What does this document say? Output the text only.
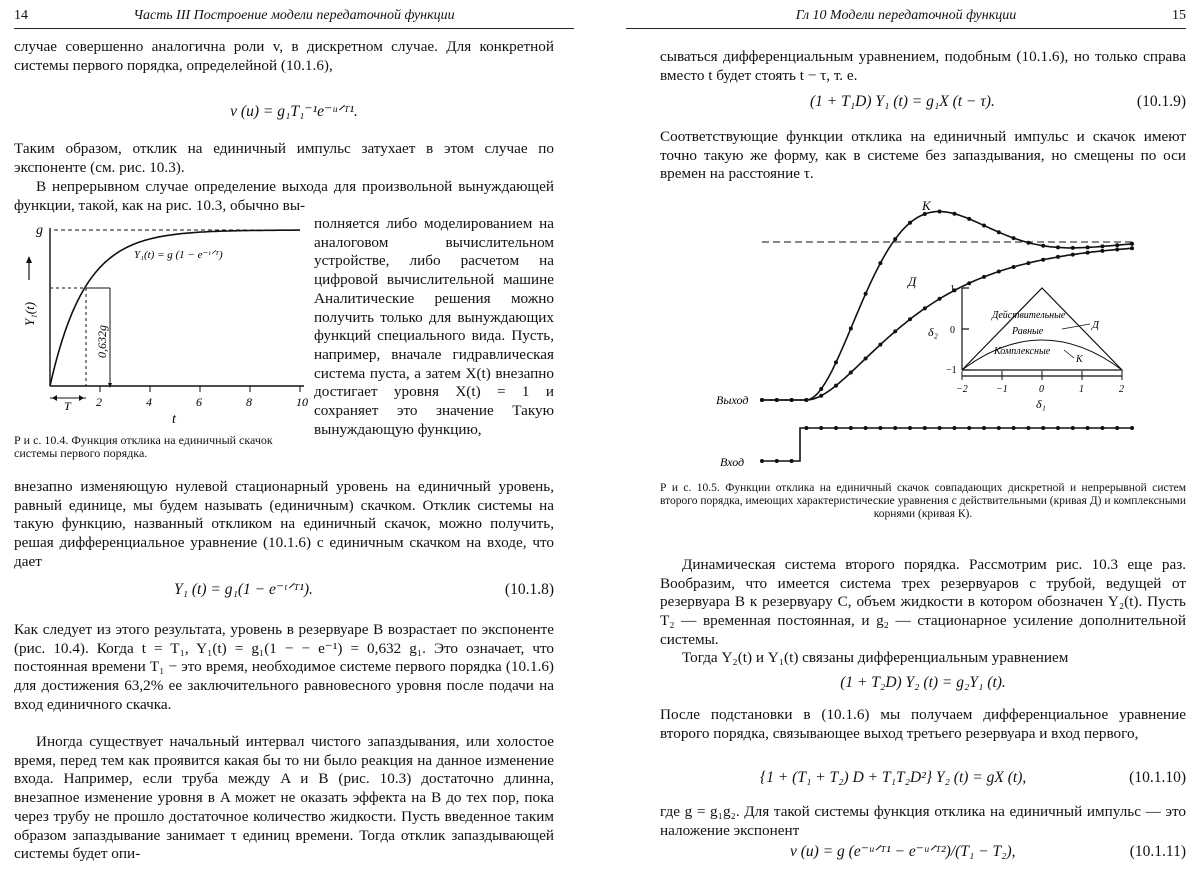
14	Часть III Построение модели передаточной функции

случае совершенно аналогична роли v, в дискретном случае. Для конкретной системы первого порядка, определейной (10.1.6),

v (u) = g₁T₁⁻¹e⁻ᵘᐟᵀ¹.

Таким образом, отклик на единичный импульс затухает в этом случае по экспоненте (см. рис. 10.3).

В непрерывном случае определение выхода для произвольной вынуждающей функции, такой, как на рис. 10.3, обычно вы-

полняется либо моделированием на аналоговом вычислительном устройстве, либо расчетом на цифровой вычислительной машине Аналитические решения можно получить только для вынуждающих функций специального вида. Пусть, например, вначале гидравлическая система пуста, а затем X(t) внезапно достигает уровня X(t) = 1 и сохраняет это значение Такую вынуждающую функцию,

g
Y₁(t) = g (1 − e⁻ᵗᐟᵀ)
Y₁(t)
0,632g
T 2	4	6	8	10
t
Р и с. 10.4. Функция отклика на единичный скачок системы первого порядка.

внезапно изменяющую нулевой стационарный уровень на единичный уровень, равный единице, мы будем называть (единичным) скачком. Отклик системы на такую функцию, названный откликом на единичный скачок, можно получить, решая дифференциальное уравнение (10.1.6) с единичным скачком на входе, что дает

Y₁ (t) = g₁(1 − e⁻ᵗᐟᵀ¹).	(10.1.8)

Как следует из этого результата, уровень в резервуаре B возрастает по экспоненте (рис. 10.4). Когда t = T₁, Y₁(t) = g₁(1 − − e⁻¹) = 0,632 g₁. Это означает, что постоянная времени T₁ − это время, необходимое системе первого порядка (10.1.6) для достижения 63,2% ее заключительного равновесного уровня после подачи на вход единичного скачка.

Иногда существует начальный интервал чистого запаздывания, или холостое время, перед тем как проявится какая бы то ни было реакция на данное изменение входа. Например, если труба между A и B (рис. 10.3) достаточно длинна, внезапное изменение уровня в A может не оказать эффекта на B до тех пор, пока через трубу не прошло достаточное количество жидкости. Пусть введенное таким образом запаздывание занимает τ единиц времени. Тогда отклик запаздывающей системы будет опи-

Гл 10 Модели передаточной функции	15

сываться дифференциальным уравнением, подобным (10.1.6), но только справа вместо t будет стоять t − τ, т. е.

(1 + T₁D) Y₁ (t) = g₁X (t − τ).	(10.1.9)

Соответствующие функции отклика на единичный импульс и скачок имеют точно такую же форму, как в системе без запаздывания, но смещены по оси времен на расстояние τ.

К
Д
Выход
Вход
1
0
−1
δ₂
−2	−1	0	1	2
δ₁
Действительные
Равные
Комплексные
Д
К
Р и с. 10.5. Функции отклика на единичный скачок совпадающих дискретной и непрерывной систем второго порядка, имеющих характеристические уравнения с действительными (кривая Д) и комплексными корнями (кривая К).

Динамическая система второго порядка. Рассмотрим рис. 10.3 еще раз. Вообразим, что имеется система трех резервуаров с трубой, ведущей от резервуара B к резервуару C, объем жидкости в котором обозначен Y₂(t). Пусть T₂ — временная постоянная, и g₂ — стационарное усиление дополнительной системы.

Тогда Y₂(t) и Y₁(t) связаны дифференциальным уравнением

(1 + T₂D) Y₂ (t) = g₂Y₁ (t).

После подстановки в (10.1.6) мы получаем дифференциальное уравнение второго порядка, связывающее выход третьего резервуара и вход первого,

{1 + (T₁ + T₂) D + T₁T₂D²} Y₂ (t) = gX (t),	(10.1.10)

где g = g₁g₂. Для такой системы функция отклика на единичный импульс — это наложение экспонент

v (u) = g (e⁻ᵘᐟᵀ¹ − e⁻ᵘᐟᵀ²)/(T₁ − T₂),	(10.1.11)
